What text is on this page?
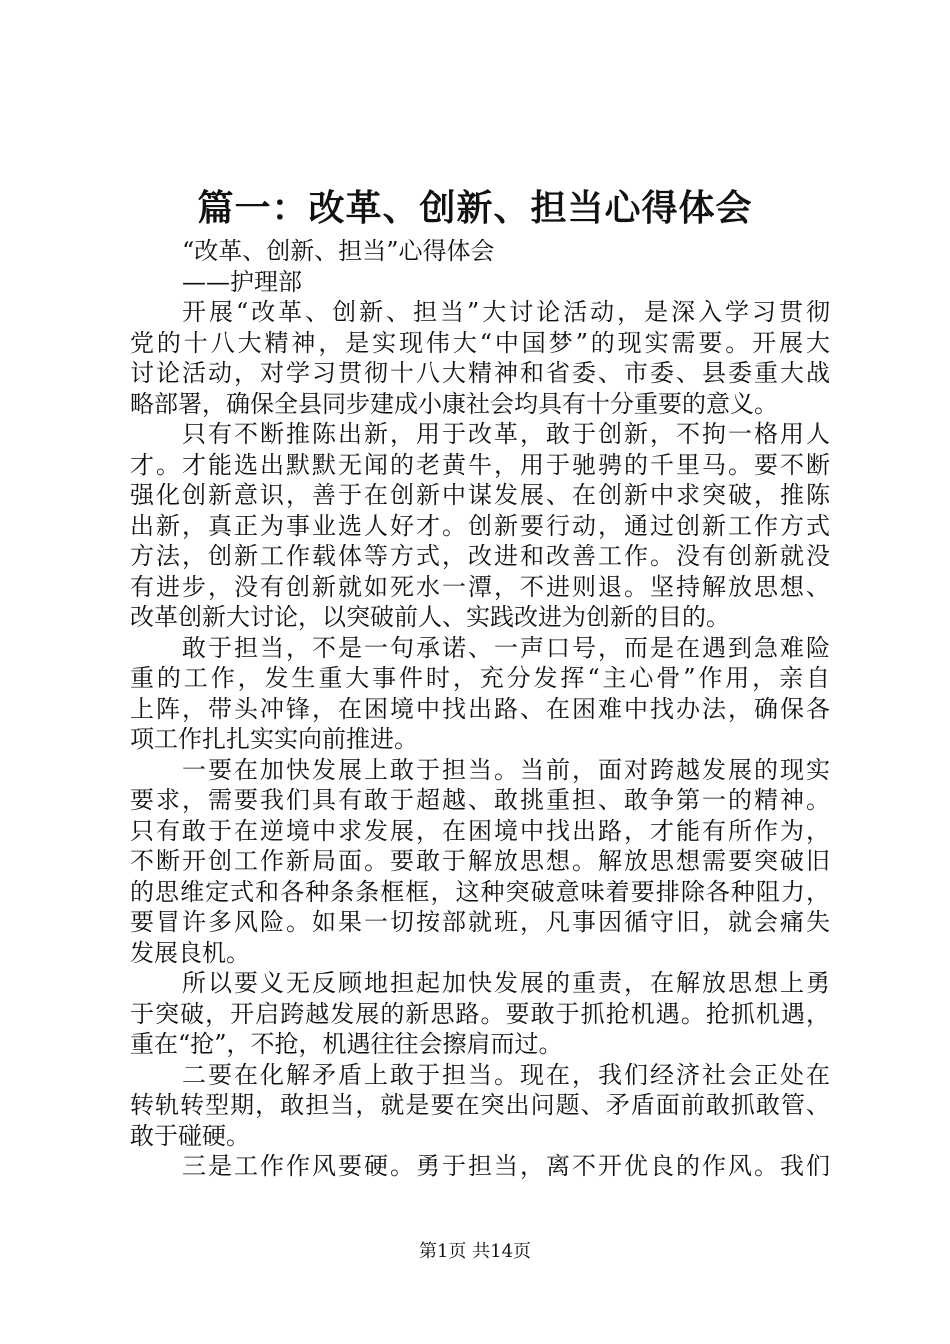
篇一：改革、创新、担当心得体会

“改革、创新、担当”心得体会

——护理部

开展“改革、创新、担当”大讨论活动，是深入学习贯彻

党的十八大精神，是实现伟大“中国梦”的现实需要。开展大

讨论活动，对学习贯彻十八大精神和省委、市委、县委重大战

略部署，确保全县同步建成小康社会均具有十分重要的意义。

只有不断推陈出新，用于改革，敢于创新，不拘一格用人

才。才能选出默默无闻的老黄牛，用于驰骋的千里马。要不断

强化创新意识，善于在创新中谋发展、在创新中求突破，推陈

出新，真正为事业选人好才。创新要行动，通过创新工作方式

方法，创新工作载体等方式，改进和改善工作。没有创新就没

有进步，没有创新就如死水一潭，不进则退。坚持解放思想、

改革创新大讨论，以突破前人、实践改进为创新的目的。

敢于担当，不是一句承诺、一声口号，而是在遇到急难险

重的工作，发生重大事件时，充分发挥“主心骨”作用，亲自

上阵，带头冲锋，在困境中找出路、在困难中找办法，确保各

项工作扎扎实实向前推进。

一要在加快发展上敢于担当。当前，面对跨越发展的现实

要求，需要我们具有敢于超越、敢挑重担、敢争第一的精神。

只有敢于在逆境中求发展，在困境中找出路，才能有所作为，

不断开创工作新局面。要敢于解放思想。解放思想需要突破旧

的思维定式和各种条条框框，这种突破意味着要排除各种阻力，

要冒许多风险。如果一切按部就班，凡事因循守旧，就会痛失

发展良机。

所以要义无反顾地担起加快发展的重责，在解放思想上勇

于突破，开启跨越发展的新思路。要敢于抓抢机遇。抢抓机遇，

重在“抢”，不抢，机遇往往会擦肩而过。

二要在化解矛盾上敢于担当。现在，我们经济社会正处在

转轨转型期，敢担当，就是要在突出问题、矛盾面前敢抓敢管、

敢于碰硬。

三是工作作风要硬。勇于担当，离不开优良的作风。我们

第1页 共14页
